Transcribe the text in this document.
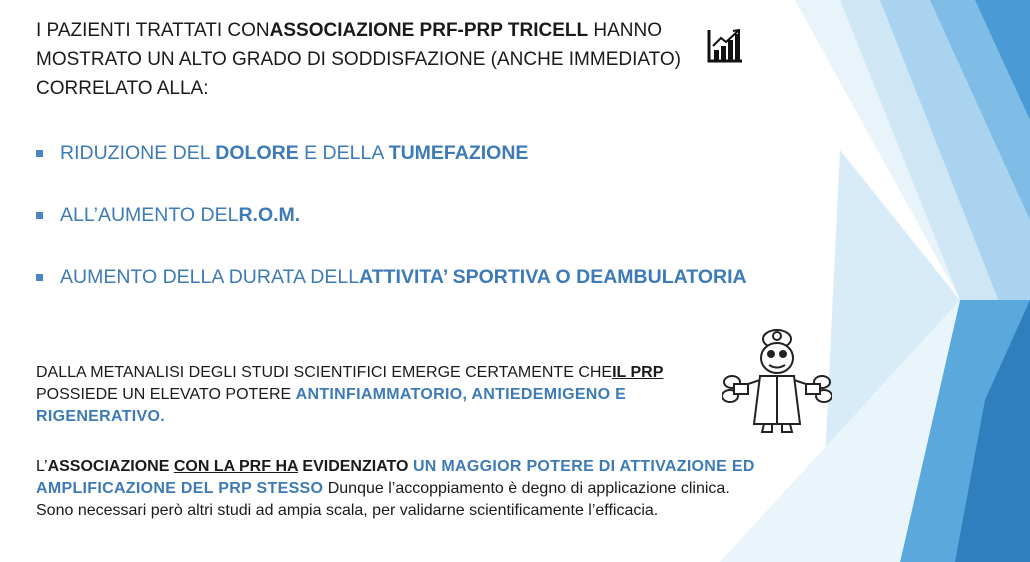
I PAZIENTI TRATTATI CONASSOCIAZIONE PRF-PRP TRICELL HANNO MOSTRATO UN ALTO GRADO DI SODDISFAZIONE (ANCHE IMMEDIATO) CORRELATO ALLA:
RIDUZIONE DEL DOLORE E DELLA TUMEFAZIONE
ALL’AUMENTO DELR.O.M.
AUMENTO DELLA DURATA DELLATTIVITA’ SPORTIVA O DEAMBULATORIA
DALLA METANALISI DEGLI STUDI SCIENTIFICI EMERGE CERTAMENTE CHEIL PRP POSSIEDE UN ELEVATO POTERE ANTINFIAMMATORIO, ANTIEDEMIGENO E RIGENERATIVO.
L’ASSOCIAZIONE CON LA PRF HA EVIDENZIATO UN MAGGIOR POTERE DI ATTIVAZIONE ED AMPLIFICAZIONE DEL PRP STESSO Dunque l’accoppiamento è degno di applicazione clinica. Sono necessari però altri studi ad ampia scala, per validarne scientificamente l’efficacia.
